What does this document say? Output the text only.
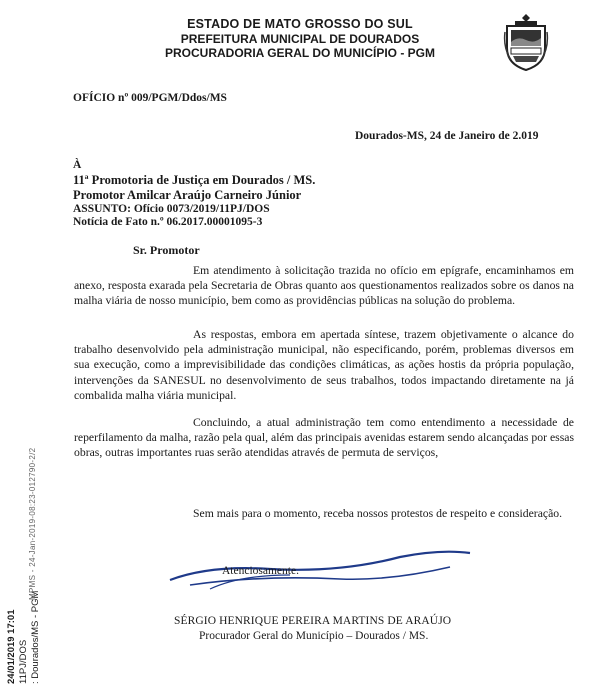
ESTADO DE MATO GROSSO DO SUL
PREFEITURA MUNICIPAL DE DOURADOS
PROCURADORIA GERAL DO MUNICÍPIO - PGM
OFÍCIO nº 009/PGM/Ddos/MS
Dourados-MS, 24 de Janeiro de 2.019
À
11ª Promotoria de Justiça em Dourados / MS.
Promotor Amilcar Araújo Carneiro Júnior
ASSUNTO: Ofício 0073/2019/11PJ/DOS
Notícia de Fato n.º 06.2017.00001095-3
Sr. Promotor
Em atendimento à solicitação trazida no ofício em epígrafe, encaminhamos em anexo, resposta exarada pela Secretaria de Obras quanto aos questionamentos realizados sobre os danos na malha viária de nosso município, bem como as providências públicas na solução do problema.
As respostas, embora em apertada síntese, trazem objetivamente o alcance do trabalho desenvolvido pela administração municipal, não especificando, porém, problemas diversos em sua execução, como a imprevisibilidade das condições climáticas, as ações hostis da própria população, intervenções da SANESUL no desenvolvimento de seus trabalhos, todos impactando diretamente na já combalida malha viária municipal.
Concluindo, a atual administração tem como entendimento a necessidade de reperfilamento da malha, razão pela qual, além das principais avenidas estarem sendo alcançadas por essas obras, outras importantes ruas serão atendidas através de permuta de serviços,
Sem mais para o momento, receba nossos protestos de respeito e consideração.
Atenciosamente.
SÉRGIO HENRIQUE PEREIRA MARTINS DE ARAÚJO
Procurador Geral do Município – Dourados / MS.
24/01/2019 17:01 11PJ/DOS : Dourados/MS - PGM
MPMS - 24-Jan-2019-08:23-012790-2/2
